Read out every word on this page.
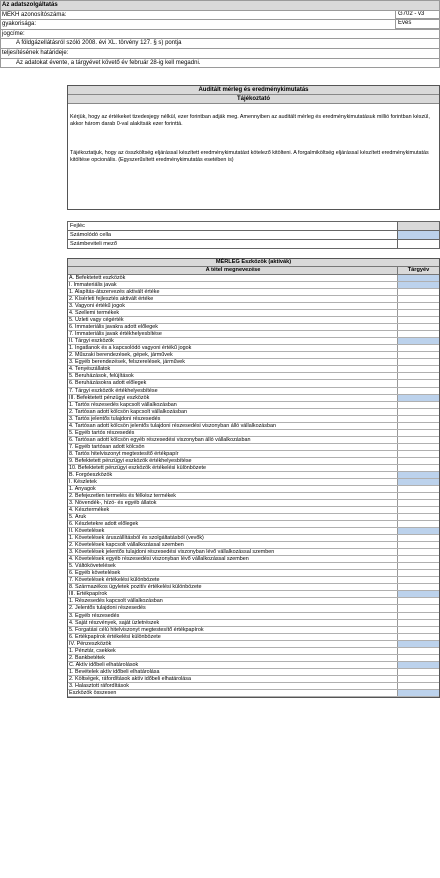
Az adatszolgáltatás
MEKH azonosítószáma:	G702 - v3
gyakorisága:	Éves
jogcíme:
A földgázellátásról szóló 2008. évi XL. törvény 127. § s) pontja
teljesítésének határideje:
Az adatokat évente, a tárgyévet követő év február 28-ig kell megadni.
Auditált mérleg és eredménykimutatás
Tájékoztató
Kérjük, hogy az értékeket tizedesjegy nélkül, ezer forintban adják meg. Amennyiben az auditált mérleg és eredménykimutatásuk millió forintban készül, akkor három darab 0-val alakítsák ezer forinttá.
Tájékoztatjuk, hogy az összköltség eljárással készített eredménykimutatást kötelező kitölteni. A forgalmiköltség eljárással készített eredménykimutatás kitöltése opcionális. (Egyszerűsített eredménykimutatás esetében is)
Fejléc
Számolódó cella
Számbeviteli mező
MÉRLEG Eszközök (aktívák)
A tétel megnevezése	Tárgyév
A. Befektetett eszközök
I. Immateriális javak
1. Alapítás-átszervezés aktivált értéke
2. Kísérleti fejlesztés aktivált értéke
3. Vagyoni értékű jogok
4. Szellemi termékek
5. Üzleti vagy cégérték
6. Immateriális javakra adott előlegek
7. Immateriális javak értékhelyesbítése
II. Tárgyi eszközök
1. Ingatlanok és a kapcsolódó vagyoni értékű jogok
2. Műszaki berendezések, gépek, járművek
3. Egyéb berendezések, felszerelések, járművek
4. Tenyészállatok
5. Beruházások, felújítások
6. Beruházásokra adott előlegek
7. Tárgyi eszközök értékhelyesbítése
III. Befektetett pénzügyi eszközök
1. Tartós részesedés kapcsolt vállalkozásban
2. Tartósan adott kölcsön kapcsolt vállalkozásban
3. Tartós jelentős tulajdoni részesedés
4. Tartósan adott kölcsön jelentős tulajdoni részesedési viszonyban álló vállalkozásban
5. Egyéb tartós részesedés
6. Tartósan adott kölcsön egyéb részesedési viszonyban álló vállalkozásban
7. Egyéb tartósan adott kölcsön
8. Tartós hitelviszonyt megtestesítő értékpapír
9. Befektetett pénzügyi eszközök értékhelyesbítése
10. Befektetett pénzügyi eszközök értékelési különbözete
B. Forgóeszközök
I. Készletek
1. Anyagok
2. Befejezetlen termelés és félkész termékek
3. Növendék-, hízó- és egyéb állatok
4. Késztermékek
5. Áruk
6. Készletekre adott előlegek
II. Követelések
1. Követelések áruszállításból és szolgáltatásból (vevők)
2. Követelések kapcsolt vállalkozással szemben
3. Követelések jelentős tulajdoni részesedési viszonyban lévő vállalkozással szemben
4. Követelések egyéb részesedési viszonyban lévő vállalkozással szemben
5. Váltókövetelések
6. Egyéb követelések
7. Követelések értékelési különbözete
8. Származékos ügyletek pozitív értékelési különbözete
III. Értékpapírok
1. Részesedés kapcsolt vállalkozásban
2. Jelentős tulajdoni részesedés
3. Egyéb részesedés
4. Saját részvények, saját üzletrészek
5. Forgatási célú hitelviszonyt megtestesítő értékpapírok
6. Értékpapírok értékelési különbözete
IV. Pénzeszközök
1. Pénztár, csekkek
2. Bankbetétek
C. Aktív időbeli elhatárolások
1. Bevételek aktív időbeli elhatárolása
2. Költségek, ráfordítások aktív időbeli elhatárolása
3. Halasztott ráfordítások
Eszközök összesen
